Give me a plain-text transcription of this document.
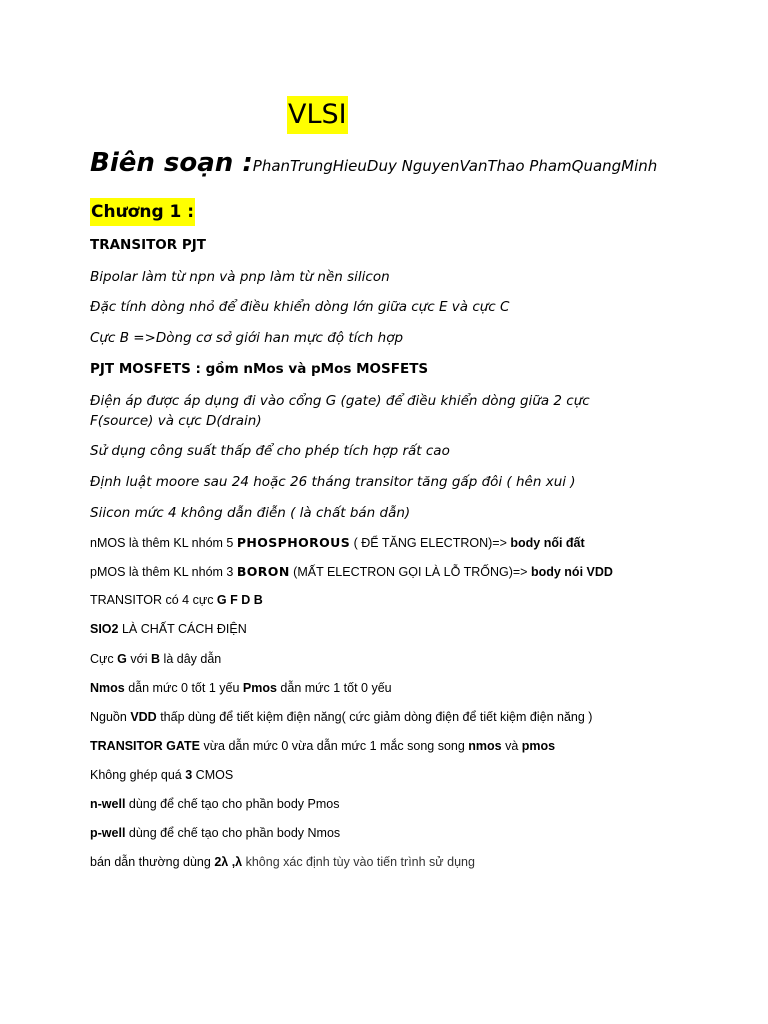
VLSI
Biên soạn :PhanTrungHieuDuy NguyenVanThao PhamQuangMinh
Chương 1 :
TRANSITOR PJT
Bipolar làm từ npn và pnp làm từ nền silicon
Đặc tính dòng nhỏ để điều khiển dòng lớn giữa cực E và cực C
Cực B =>Dòng cơ sở giới han mực độ tích hợp
PJT MOSFETS : gồm nMos và pMos MOSFETS
Điện áp được áp dụng đi vào cổng G (gate) để điều khiển dòng giữa 2 cực F(source) và cực D(drain)
Sử dụng công suất thấp để cho phép tích hợp rất cao
Định luật moore sau 24 hoặc 26 tháng transitor tăng gấp đôi ( hên xui )
Siicon mức 4 không dẫn điễn ( là chất bán dẫn)
nMOS là thêm KL nhóm 5 PHOSPHOROUS ( ĐỂ TĂNG ELECTRON)=> body nối đất
pMOS là thêm KL nhóm 3 BORON (MẤT ELECTRON GỌI LÀ LỖ TRỐNG)=> body nói VDD
TRANSITOR có 4 cực G F D B
SIO2 LÀ CHẤT CÁCH ĐIỆN
Cực G với B là dây dẫn
Nmos dẫn mức 0 tốt 1 yếu Pmos dẫn mức 1 tốt 0 yếu
Nguồn VDD thấp dùng để tiết kiệm điện năng( cức giảm dòng điện để tiết kiệm điện năng )
TRANSITOR GATE vừa dẫn mức 0 vừa dẫn mức 1 mắc song song nmos và pmos
Không ghép quá 3 CMOS
n-well dùng để chế tạo cho phần body Pmos
p-well dùng để chế tạo cho phần body Nmos
bán dẫn thường dùng 2λ ,λ không xác định tùy vào tiến trình sử dụng
